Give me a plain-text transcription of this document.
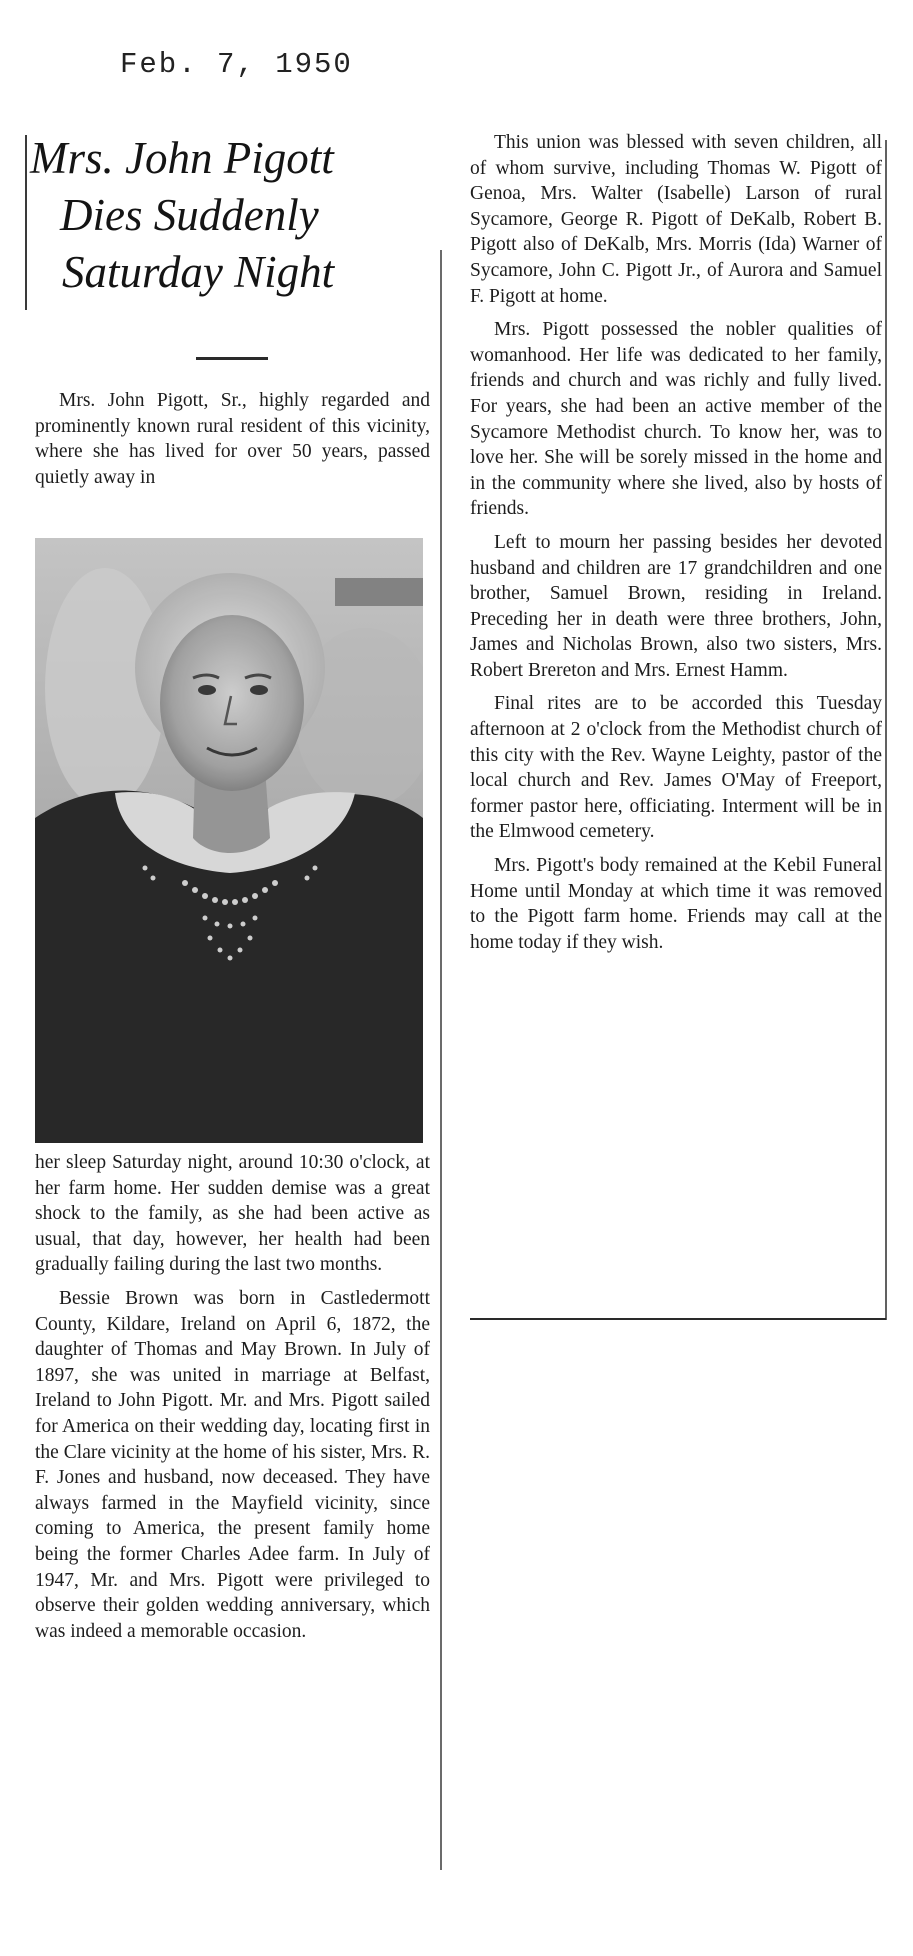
Feb. 7, 1950
Mrs. John Pigott
Dies Suddenly
Saturday Night

Mrs. John Pigott, Sr., highly regarded and prominently known rural resident of this vicinity, where she has lived for over 50 years, passed quietly away in

her sleep Saturday night, around 10:30 o'clock, at her farm home. Her sudden demise was a great shock to the family, as she had been active as usual, that day, however, her health had been gradually failing during the last two months.

Bessie Brown was born in Castledermott County, Kildare, Ireland on April 6, 1872, the daughter of Thomas and May Brown. In July of 1897, she was united in marriage at Belfast, Ireland to John Pigott. Mr. and Mrs. Pigott sailed for America on their wedding day, locating first in the Clare vicinity at the home of his sister, Mrs. R. F. Jones and husband, now deceased. They have always farmed in the Mayfield vicinity, since coming to America, the present family home being the former Charles Adee farm. In July of 1947, Mr. and Mrs. Pigott were privileged to observe their golden wedding anniversary, which was indeed a memorable occasion.

This union was blessed with seven children, all of whom survive, including Thomas W. Pigott of Genoa, Mrs. Walter (Isabelle) Larson of rural Sycamore, George R. Pigott of DeKalb, Robert B. Pigott also of DeKalb, Mrs. Morris (Ida) Warner of Sycamore, John C. Pigott Jr., of Aurora and Samuel F. Pigott at home.

Mrs. Pigott possessed the nobler qualities of womanhood. Her life was dedicated to her family, friends and church and was richly and fully lived. For years, she had been an active member of the Sycamore Methodist church. To know her, was to love her. She will be sorely missed in the home and in the community where she lived, also by hosts of friends.

Left to mourn her passing besides her devoted husband and children are 17 grandchildren and one brother, Samuel Brown, residing in Ireland. Preceding her in death were three brothers, John, James and Nicholas Brown, also two sisters, Mrs. Robert Brereton and Mrs. Ernest Hamm.

Final rites are to be accorded this Tuesday afternoon at 2 o'clock from the Methodist church of this city with the Rev. Wayne Leighty, pastor of the local church and Rev. James O'May of Freeport, former pastor here, officiating. Interment will be in the Elmwood cemetery.

Mrs. Pigott's body remained at the Kebil Funeral Home until Monday at which time it was removed to the Pigott farm home. Friends may call at the home today if they wish.
